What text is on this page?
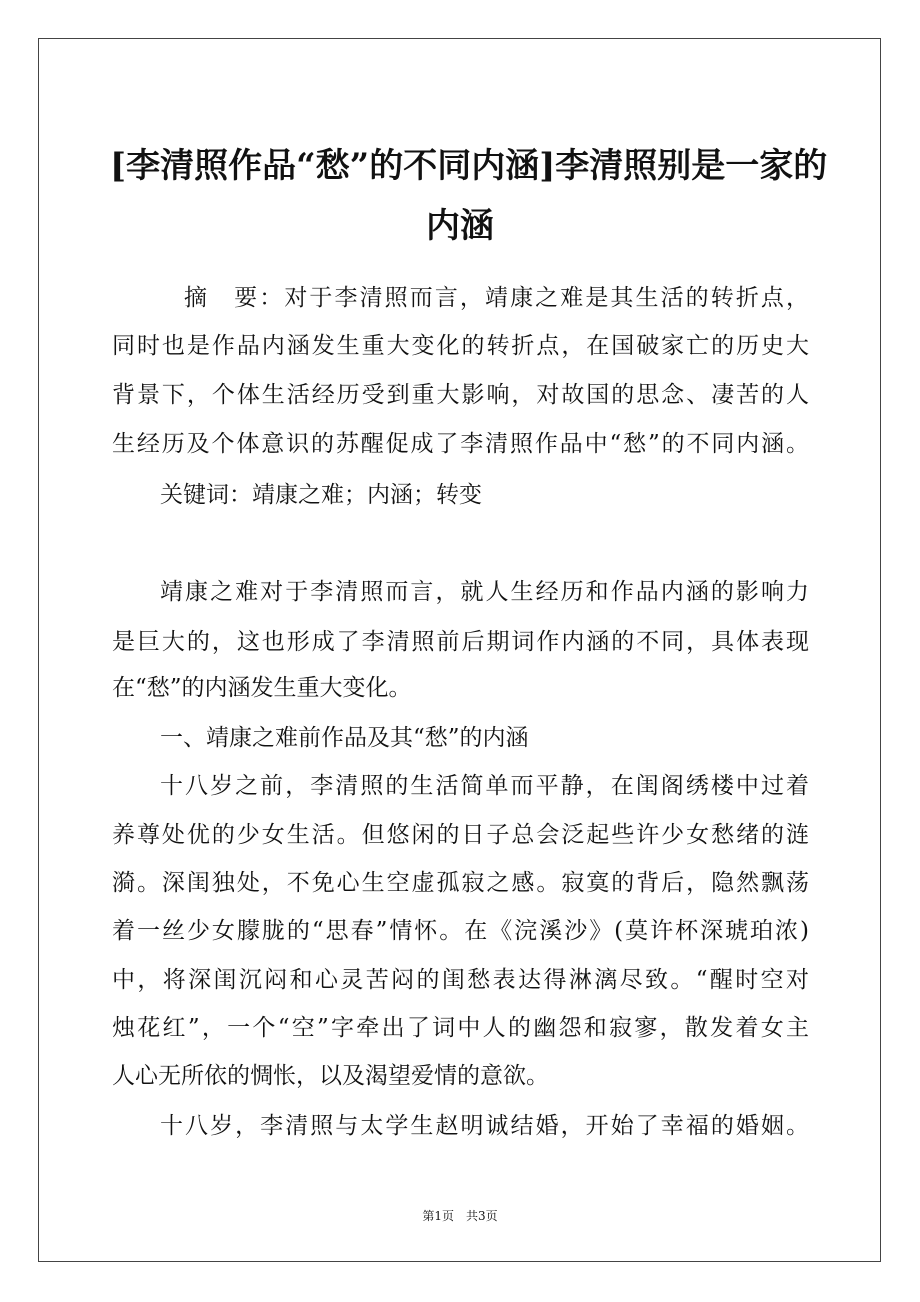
[李清照作品“愁”的不同内涵]李清照别是一家的
内涵
摘　要：对于李清照而言，靖康之难是其生活的转折点，
同时也是作品内涵发生重大变化的转折点，在国破家亡的历史大
背景下，个体生活经历受到重大影响，对故国的思念、凄苦的人
生经历及个体意识的苏醒促成了李清照作品中“愁”的不同内涵。
关键词：靖康之难；内涵；转变
靖康之难对于李清照而言，就人生经历和作品内涵的影响力
是巨大的，这也形成了李清照前后期词作内涵的不同，具体表现
在“愁”的内涵发生重大变化。
一、靖康之难前作品及其“愁”的内涵
十八岁之前，李清照的生活简单而平静，在闺阁绣楼中过着
养尊处优的少女生活。但悠闲的日子总会泛起些许少女愁绪的涟
漪。深闺独处，不免心生空虚孤寂之感。寂寞的背后，隐然飘荡
着一丝少女朦胧的“思春”情怀。在《浣溪沙》(莫许杯深琥珀浓)
中，将深闺沉闷和心灵苦闷的闺愁表达得淋漓尽致。“醒时空对
烛花红”，一个“空”字牵出了词中人的幽怨和寂寥，散发着女主
人心无所依的惆怅，以及渴望爱情的意欲。
十八岁，李清照与太学生赵明诚结婚，开始了幸福的婚姻。
第1页　共3页
